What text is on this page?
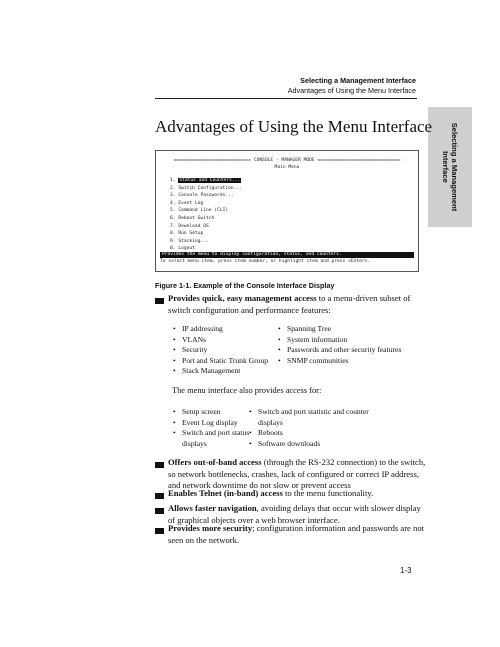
Selecting a Management Interface
Advantages of Using the Menu Interface
Selecting a Management Interface
Advantages of Using the Menu Interface
============================ CONSOLE - MANAGER MODE ==============================
Main Menu
1. Status and Counters...
2. Switch Configuration...
3. Console Passwords...
4. Event Log
5. Command Line (CLI)
6. Reboot Switch
7. Download OS
8. Run Setup
9. Stacking...
0. Logout
Provides the menu to display configuration, status, and counters.
To select menu item, press item number, or highlight item and press <Enter>.
Figure 1-1. Example of the Console Interface Display
Provides quick, easy management access to a menu-driven subset of switch configuration and performance features:
• IP addressing
• VLANs
• Security
• Port and Static Trunk Group
• Stack Management
• Spanning Tree
• System information
• Passwords and other security features
• SNMP communities
The menu interface also provides access for:
• Setup screen
• Event Log display
• Switch and port status displays
• Switch and port statistic and counter displays
• Reboots
• Software downloads
Offers out-of-band access (through the RS-232 connection) to the switch, so network bottlenecks, crashes, lack of configured or correct IP address, and network downtime do not slow or prevent access
Enables Telnet (in-band) access to the menu functionality.
Allows faster navigation, avoiding delays that occur with slower display of graphical objects over a web browser interface.
Provides more security; configuration information and passwords are not seen on the network.
1-3
